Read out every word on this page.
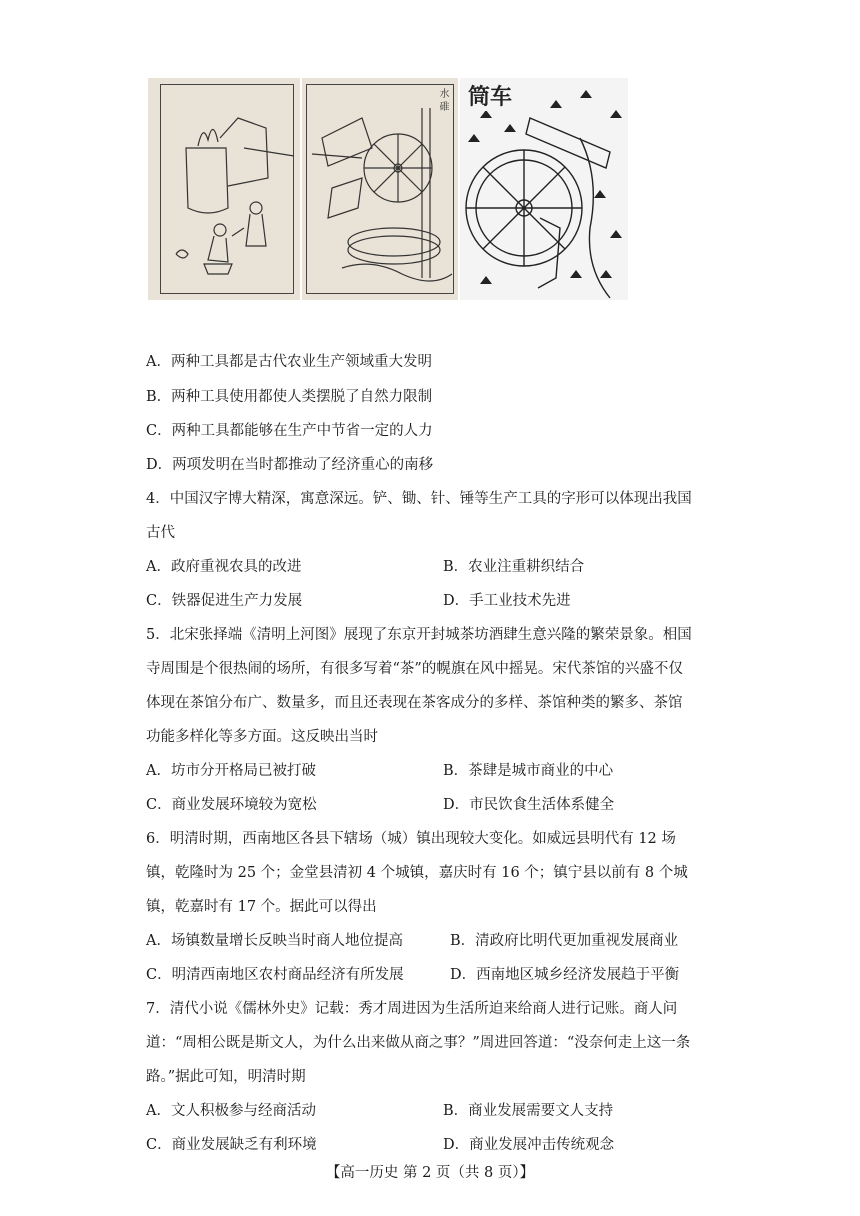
水 碓 筒车
A．两种工具都是古代农业生产领域重大发明
B．两种工具使用都使人类摆脱了自然力限制
C．两种工具都能够在生产中节省一定的人力
D．两项发明在当时都推动了经济重心的南移
4．中国汉字博大精深，寓意深远。铲、锄、针、锤等生产工具的字形可以体现出我国
古代
A．政府重视农具的改进	B．农业注重耕织结合
C．铁器促进生产力发展	D．手工业技术先进
5．北宋张择端《清明上河图》展现了东京开封城茶坊酒肆生意兴隆的繁荣景象。相国
寺周围是个很热闹的场所，有很多写着“茶”的幌旗在风中摇晃。宋代茶馆的兴盛不仅
体现在茶馆分布广、数量多，而且还表现在茶客成分的多样、茶馆种类的繁多、茶馆
功能多样化等多方面。这反映出当时
A．坊市分开格局已被打破	B．茶肆是城市商业的中心
C．商业发展环境较为宽松	D．市民饮食生活体系健全
6．明清时期，西南地区各县下辖场（城）镇出现较大变化。如威远县明代有 12 场
镇，乾隆时为 25 个；金堂县清初 4 个城镇，嘉庆时有 16 个；镇宁县以前有 8 个城
镇，乾嘉时有 17 个。据此可以得出
A．场镇数量增长反映当时商人地位提高	B．清政府比明代更加重视发展商业
C．明清西南地区农村商品经济有所发展	D．西南地区城乡经济发展趋于平衡
7．清代小说《儒林外史》记载：秀才周进因为生活所迫来给商人进行记账。商人问
道：“周相公既是斯文人，为什么出来做从商之事？”周进回答道：“没奈何走上这一条
路。”据此可知，明清时期
A．文人积极参与经商活动	B．商业发展需要文人支持
C．商业发展缺乏有利环境	D．商业发展冲击传统观念
【高一历史 第 2 页（共 8 页）】
